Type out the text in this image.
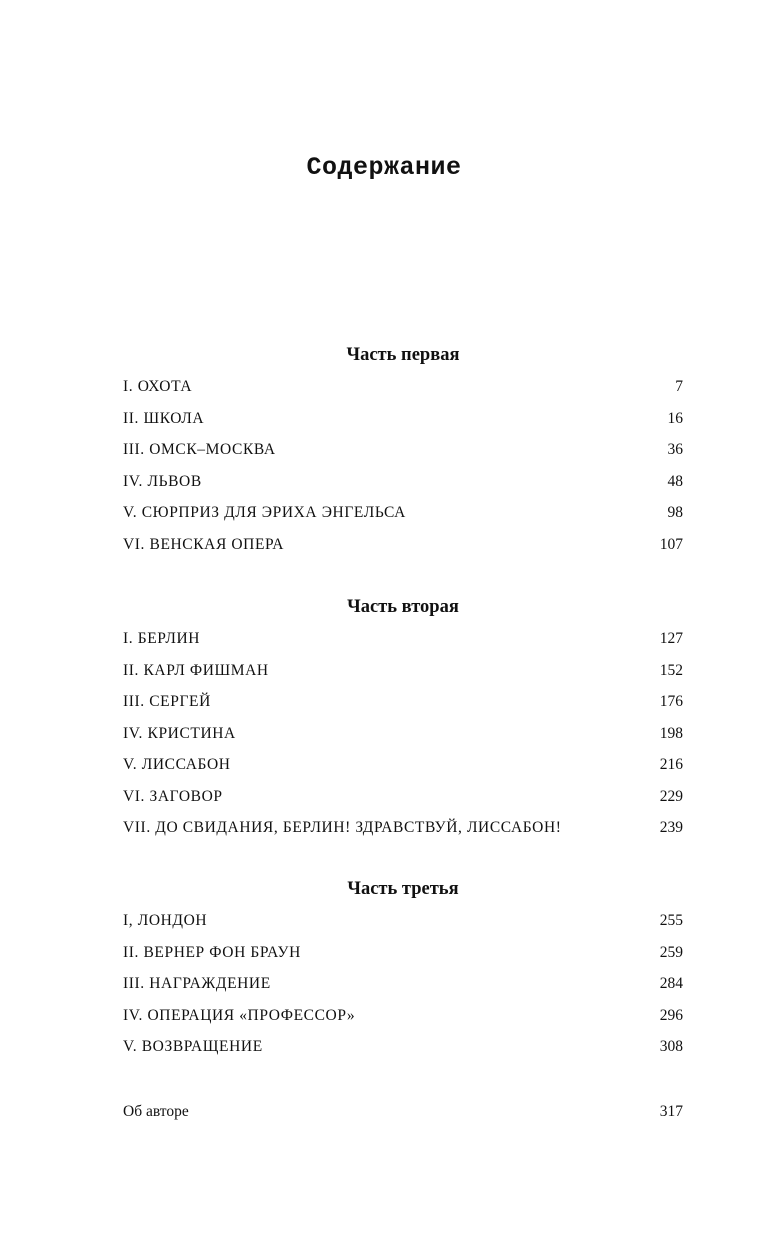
Содержание
Часть первая
I. ОХОТА	7
II. ШКОЛА	16
III. ОМСК–МОСКВА	36
IV. ЛЬВОВ	48
V. СЮРПРИЗ ДЛЯ ЭРИХА ЭНГЕЛЬСА	98
VI. ВЕНСКАЯ ОПЕРА	107
Часть вторая
I. БЕРЛИН	127
II. КАРЛ ФИШМАН	152
III. СЕРГЕЙ	176
IV. КРИСТИНА	198
V. ЛИССАБОН	216
VI. ЗАГОВОР	229
VII. ДО СВИДАНИЯ, БЕРЛИН! ЗДРАВСТВУЙ, ЛИССАБОН!	239
Часть третья
I, ЛОНДОН	255
II. ВЕРНЕР ФОН БРАУН	259
III. НАГРАЖДЕНИЕ	284
IV. ОПЕРАЦИЯ «ПРОФЕССОР»	296
V. ВОЗВРАЩЕНИЕ	308
Об авторе	317
